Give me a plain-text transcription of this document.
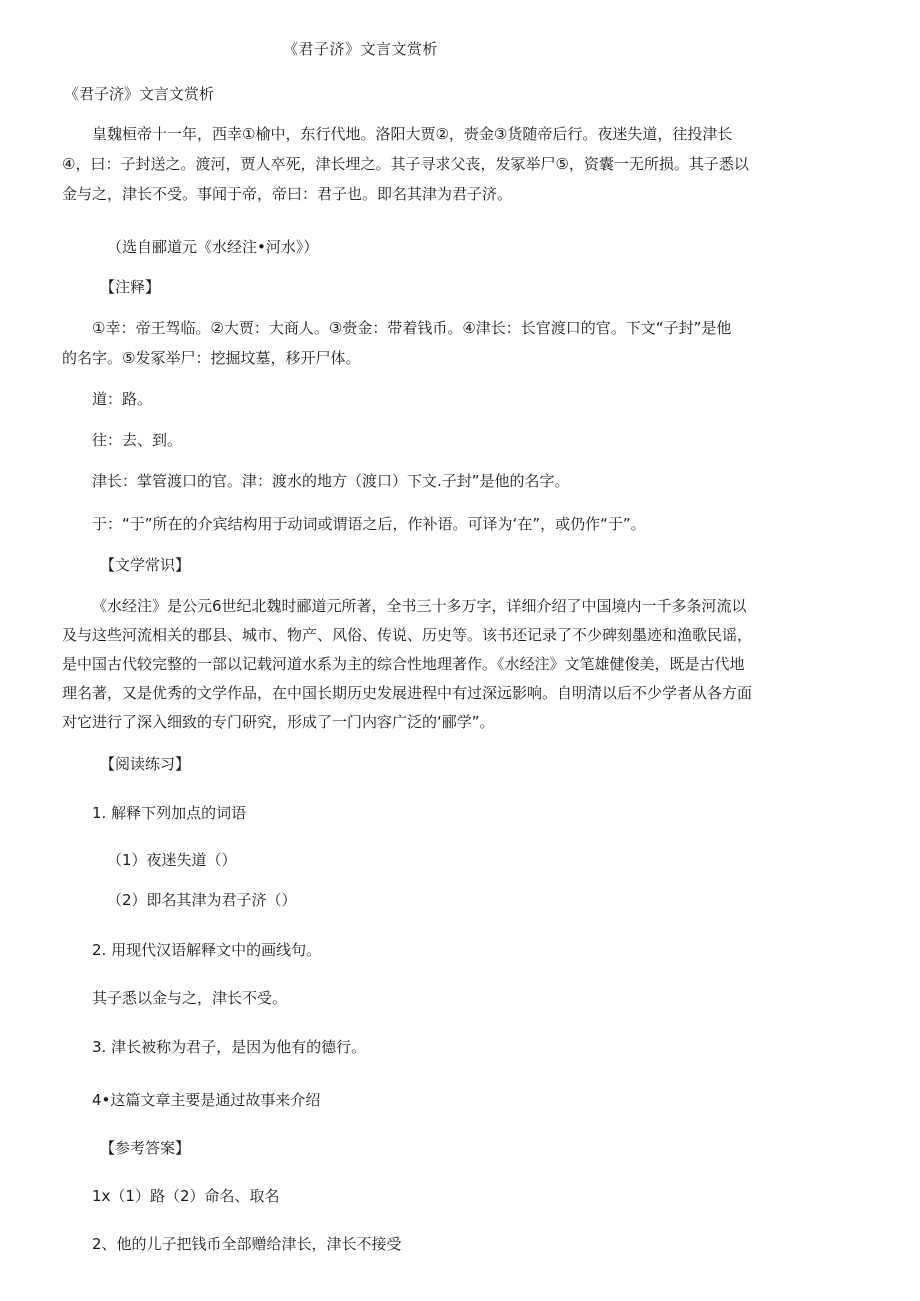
《君子济》文言文赏析
《君子济》文言文赏析
皇魏桓帝十一年，西幸①榆中，东行代地。洛阳大贾②，赍金③货随帝后行。夜迷失道，往投津长
④，曰：子封送之。渡河，贾人卒死，津长埋之。其子寻求父丧，发冢举尸⑤，资囊一无所损。其子悉以
金与之，津长不受。事闻于帝，帝曰：君子也。即名其津为君子济。
（选自郦道元《水经注•河水》）
【注释】
①幸：帝王驾临。②大贾：大商人。③赍金：带着钱币。④津长：长官渡口的官。下文“子封”是他
的名字。⑤发冢举尸：挖掘坟墓，移开尸体。
道：路。
往：去、到。
津长：掌管渡口的官。津：渡水的地方（渡口）下文.子封”是他的名字。
于：“于”所在的介宾结构用于动词或谓语之后，作补语。可译为‘在”，或仍作“于”。
【文学常识】
《水经注》是公元6世纪北魏时郦道元所著，全书三十多万字，详细介绍了中国境内一千多条河流以
及与这些河流相关的郡县、城市、物产、风俗、传说、历史等。该书还记录了不少碑刻墨迹和渔歌民谣，
是中国古代较完整的一部以记载河道水系为主的综合性地理著作。《水经注》文笔雄健俊美，既是古代地
理名著，又是优秀的文学作品，在中国长期历史发展进程中有过深远影响。自明清以后不少学者从各方面
对它进行了深入细致的专门研究，形成了一门内容广泛的‘郦学”。
【阅读练习】
1. 解释下列加点的词语
（1）夜迷失道（）
（2）即名其津为君子济（）
2. 用现代汉语解释文中的画线句。
其子悉以金与之，津长不受。
3. 津长被称为君子，是因为他有的德行。
4•这篇文章主要是通过故事来介绍
【参考答案】
1x（1）路（2）命名、取名
2、他的儿子把钱币全部赠给津长，津长不接受
